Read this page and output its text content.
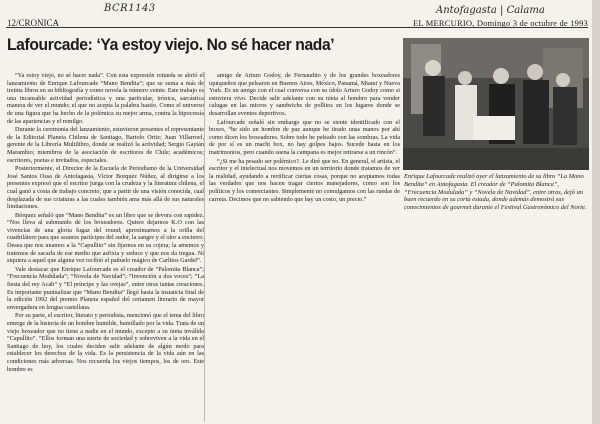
BCR1143	Antofagasta | Calama
12/CRONICA	EL MERCURIO, Domingo 3 de octubre de 1993
Lafourcade: ‘Ya estoy viejo. No sé hacer nada’

“Ya estoy viejo, no sé hacer nada”. Con esta expresión rotunda se abrió el lanzamiento de Enrique Lafourcade “Mano Bendita”; que se suma a más de treinta libros en su bibliografía y como novela la número veinte. Este trabajo es una incansable actividad periodística y una particular, irónica, sarcástica manera de ver el mundo; el que no acepta la palabra hastío. Como el universo de una figura que ha hecho de la polémica su mejor arma, contra la hipocresía de las apariencias y el remilgo.

Durante la ceremonia del lanzamiento, estuvieron presentes el representante de la Editorial Planeta Chilena de Santiago, Bartolo Ortiz; Juan Villarroel, gerente de la Librería Multilibro, donde se realizó la actividad; Sergio Gaytán Marambio; miembros de la asociación de escritores de Chile; académicos; escritores, poetas e invitados, especiales.

Posteriormente, el Director de la Escuela de Periodismo de la Universidad José Santos Ossa de Antofagasta, Víctor Borquez Núñez, al dirigirse a los presentes expresó que el escritor juega con la crudeza y la literatura chilena, el cual ganó a costa de trabajo concreto, que a partir de una visión conocida, cual desplazada de sus criaturas a las cuales también ama más allá de sus naturales limitaciones.

Bórquez señaló que “Mano Bendita” es un libro que se devora con rapidez. “Nos lleva al submundo de los boxeadores. Quiere dejarnos K.O con las vivencias de una gloria fugaz del round; aproximarnos a la orilla del cuadrilátero para que seamos partícipes del sudor, la sangre y el olor a encierro. Desea que nos unamos a la “Capullito” sin fijarnos en su cojera; la amemos y tratemos de sacarla de ese medio que asfixia y seduce y que nos da tregua. Ni siquiera a aquel que alguna vez recibió el pañuelo mágico de Carlitos Gardel”.

Vale destacar que Enrique Lafourcade es el creador de “Palomita Blanca”; “Frecuencia Modulada”; “Novela de Navidad”; “Invención a dos voces”; “La fiesta del rey Acab” y “El príncipe y las ovejas”, entre otras tantas creaciones. Es importante puntualizar que “Mano Bendita” llegó hasta la instancia final de la edición 1992 del premio Planeta español del certamen literario de mayor envergadura en lengua castellana.

Por su parte, el escritor, literato y periodista, mencionó que el tema del libro emerge de la historia de un hombre humilde, humillado por la vida. Trata de un viejo boxeador que no tiene a nadie en el mundo, excepto a su nieta inválida “Capullito”. “Ellos forman una suerte de sociedad y sobreviven a la vida en el Santiago de hoy, los cuales deciden salir adelante de algún modo para establecer los derechos de la vida. Es la persistencia de la vida aún en las condiciones más adversas. Nos recuerda los viejos tiempos, los de oro. Este hombre es

amigo de Arturo Godoy, de Fernandito y de los grandes boxeadores iquiqueños que pelearon en Buenos Aires, México, Panamá, Miami y Nueva York. Es un amigo con el cual conversa con su ídolo Arturo Godoy como si estuviera vivo. Decide salir adelante con su nieta al hombro para vender calugas en las micros y sandwichs de pollitos en los lugares donde se desarrollan eventos deportivos.

Lafourcade señaló sin embargo que no se siente identificado con el boxeo, “he sido un hombre de paz aunque he tirado unas manos por ahí como dicen los boxeadores. Sobre todo he peleado con las sombras. La vida de por sí es un macht box, no hay golpes bajos. Sucede hasta en los matrimonios, pero cuando suena la campana es mejor retirarse a un rincón”.

“¿Si me ha pesado ser polémico?. Le diré que no. En general, el artista, el escritor y el intelectual nos movemos en un territorio donde tratamos de ver la realidad, ayudando a rectificar ciertas cosas, porque no aceptamos todas las verdades que nos hacen tragar ciertos manejadores, como son los políticos y los comerciantes. Simplemente no comulgamos con las ruedas de carreta. Decimos que no sabiendo que hay un costo, un precio.”

Enrique Lafourcade realizó ayer el lanzamiento de su libro “La Mano Bendita” en Antofagasta. El creador de “Palomita Blanca”, “Frecuencia Modulada” y “Novela de Navidad”, entre otras, dejó un buen recuerdo en su corta estada, donde además demostró sus conocimientos de gourmet durante el Festival Gastronómico del Norte.
